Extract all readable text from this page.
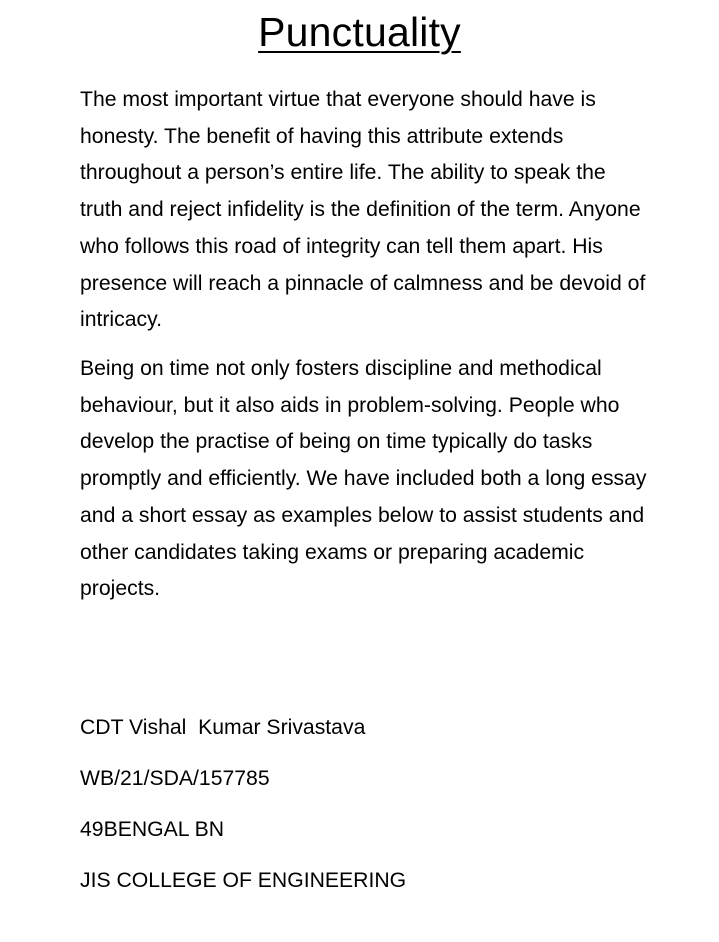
Punctuality

The most important virtue that everyone should have is honesty. The benefit of having this attribute extends throughout a person’s entire life. The ability to speak the truth and reject infidelity is the definition of the term. Anyone who follows this road of integrity can tell them apart. His presence will reach a pinnacle of calmness and be devoid of intricacy.

Being on time not only fosters discipline and methodical behaviour, but it also aids in problem-solving. People who develop the practise of being on time typically do tasks promptly and efficiently. We have included both a long essay and a short essay as examples below to assist students and other candidates taking exams or preparing academic projects.

CDT Vishal  Kumar Srivastava
WB/21/SDA/157785
49BENGAL BN
JIS COLLEGE OF ENGINEERING
